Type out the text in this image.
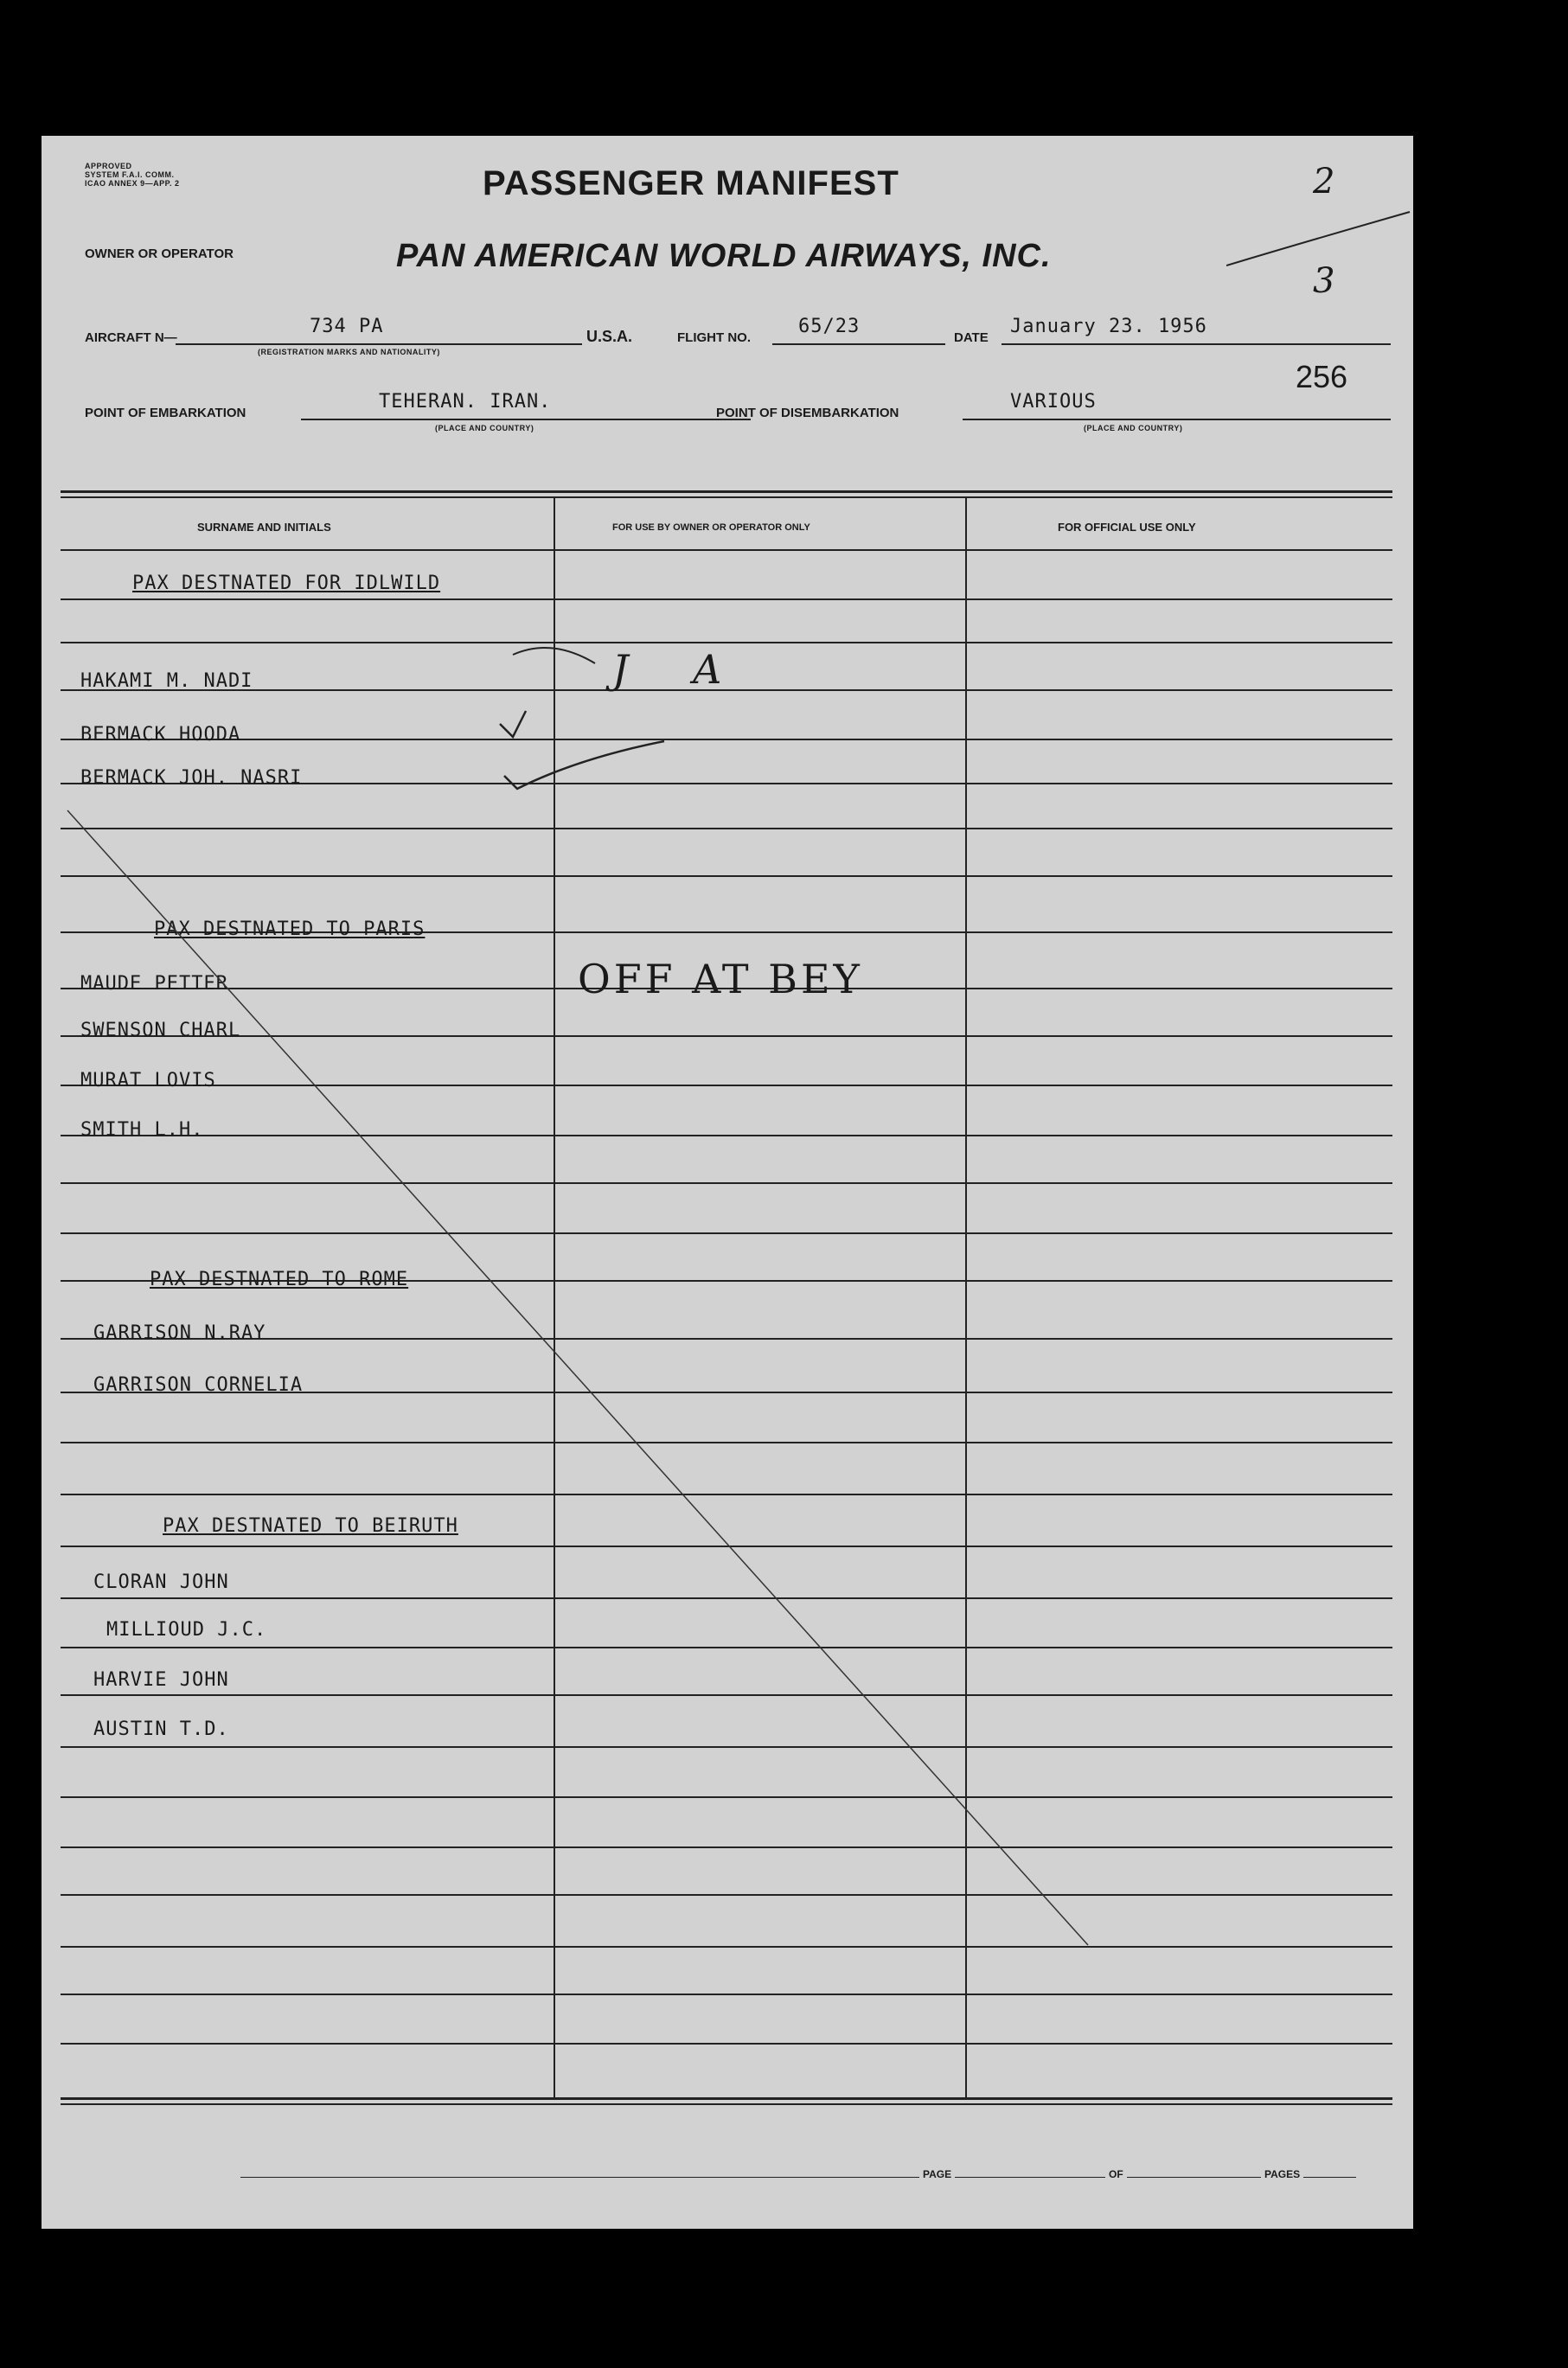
APPROVED
SYSTEM F.A.I. COMM.
ICAO ANNEX 9—APP. 2	PASSENGER MANIFEST	2
3
OWNER OR OPERATOR	PAN AMERICAN WORLD AIRWAYS, INC.
AIRCRAFT N—
734 PA
(REGISTRATION MARKS AND NATIONALITY)
U.S.A.	FLIGHT NO.
65/23
DATE
January 23. 1956
256
POINT OF EMBARKATION
TEHERAN. IRAN.
(PLACE AND COUNTRY)
POINT OF DISEMBARKATION
VARIOUS
(PLACE AND COUNTRY)
SURNAME AND INITIALS	FOR USE BY OWNER OR OPERATOR ONLY	FOR OFFICIAL USE ONLY
PAX DESTNATED FOR IDLWILD
HAKAMI M. NADI	J A
BERMACK HOODA
BERMACK JOH. NASRI
PAX DESTNATED TO PARIS
MAUDE PETTER	OFF AT BEY
SWENSON CHARL
MURAT LOVIS
SMITH L.H.
PAX DESTNATED TO ROME
GARRISON N.RAY
GARRISON CORNELIA
PAX DESTNATED TO BEIRUTH
CLORAN JOHN
MILLIOUD J.C.
HARVIE JOHN
AUSTIN T.D.
PAGE	OF	PAGES
